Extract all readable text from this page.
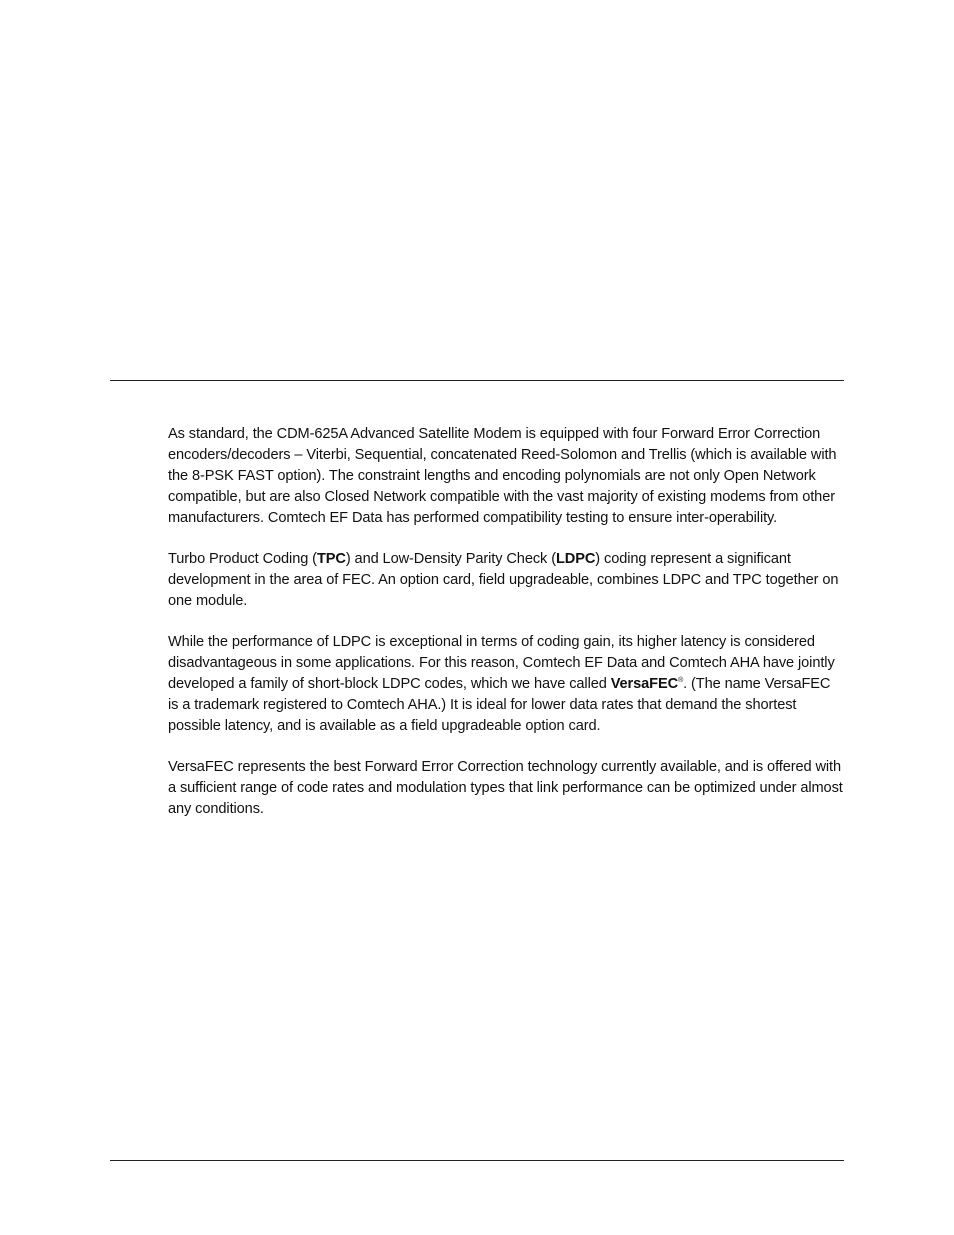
As standard, the CDM-625A Advanced Satellite Modem is equipped with four Forward Error Correction encoders/decoders – Viterbi, Sequential, concatenated Reed-Solomon and Trellis (which is available with the 8-PSK FAST option). The constraint lengths and encoding polynomials are not only Open Network compatible, but are also Closed Network compatible with the vast majority of existing modems from other manufacturers. Comtech EF Data has performed compatibility testing to ensure inter-operability.

Turbo Product Coding (TPC) and Low-Density Parity Check (LDPC) coding represent a significant development in the area of FEC. An option card, field upgradeable, combines LDPC and TPC together on one module.

While the performance of LDPC is exceptional in terms of coding gain, its higher latency is considered disadvantageous in some applications. For this reason, Comtech EF Data and Comtech AHA have jointly developed a family of short-block LDPC codes, which we have called VersaFEC®. (The name VersaFEC is a trademark registered to Comtech AHA.) It is ideal for lower data rates that demand the shortest possible latency, and is available as a field upgradeable option card.

VersaFEC represents the best Forward Error Correction technology currently available, and is offered with a sufficient range of code rates and modulation types that link performance can be optimized under almost any conditions.
